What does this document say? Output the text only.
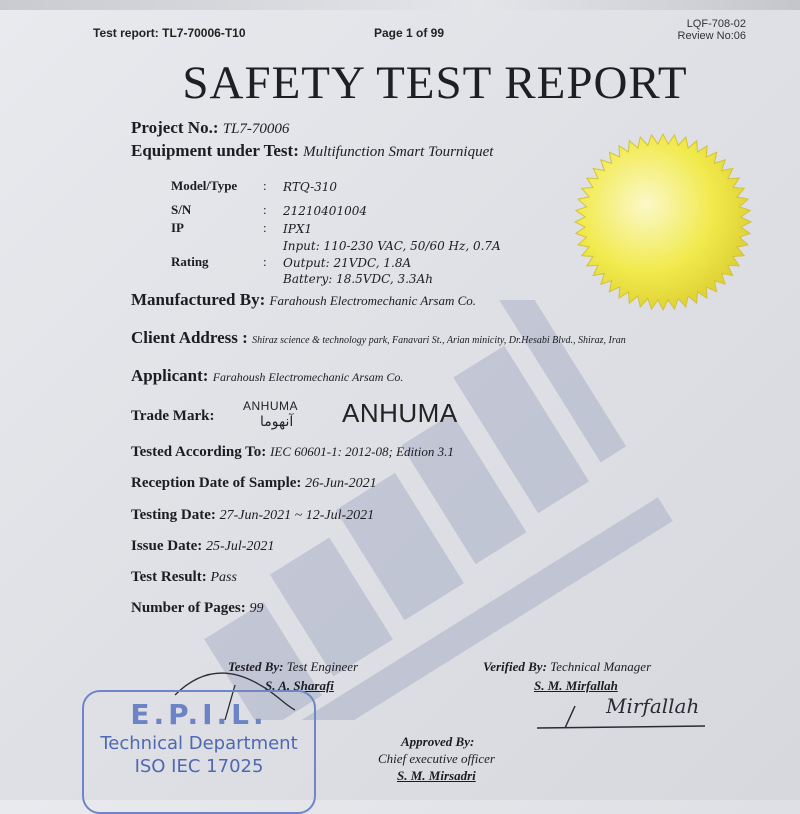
Test report: TL7-70006-T10	Page 1 of 99
LQF-708-02
Review No:06
SAFETY TEST REPORT
Project No.: TL7-70006
Equipment under Test: Multifunction Smart Tourniquet
Model/Type : RTQ-310
S/N	: 21210401004
IP	: IPX1
Input: 110-230 VAC, 50/60 Hz, 0.7A
Rating	: Output: 21VDC, 1.8A
Battery: 18.5VDC, 3.3Ah
Manufactured By: Farahoush Electromechanic Arsam Co.
Client Address : Shiraz science & technology park, Fanavari St., Arian minicity, Dr.Hesabi Blvd., Shiraz, Iran
Applicant: Farahoush Electromechanic Arsam Co.
Trade Mark:
ANHUMA
آنهوما ANHUMA
Tested According To: IEC 60601-1: 2012-08; Edition 3.1
Reception Date of Sample: 26-Jun-2021
Testing Date: 27-Jun-2021 ~ 12-Jul-2021
Issue Date: 25-Jul-2021
Test Result: Pass
Number of Pages: 99
Tested By: Test Engineer
S. A. Sharafi
Verified By: Technical Manager
S. M. Mirfallah
Mirfallah
Approved By:
Chief executive officer
S. M. Mirsadri
E.P.I.L.
Technical Department
ISO IEC 17025
